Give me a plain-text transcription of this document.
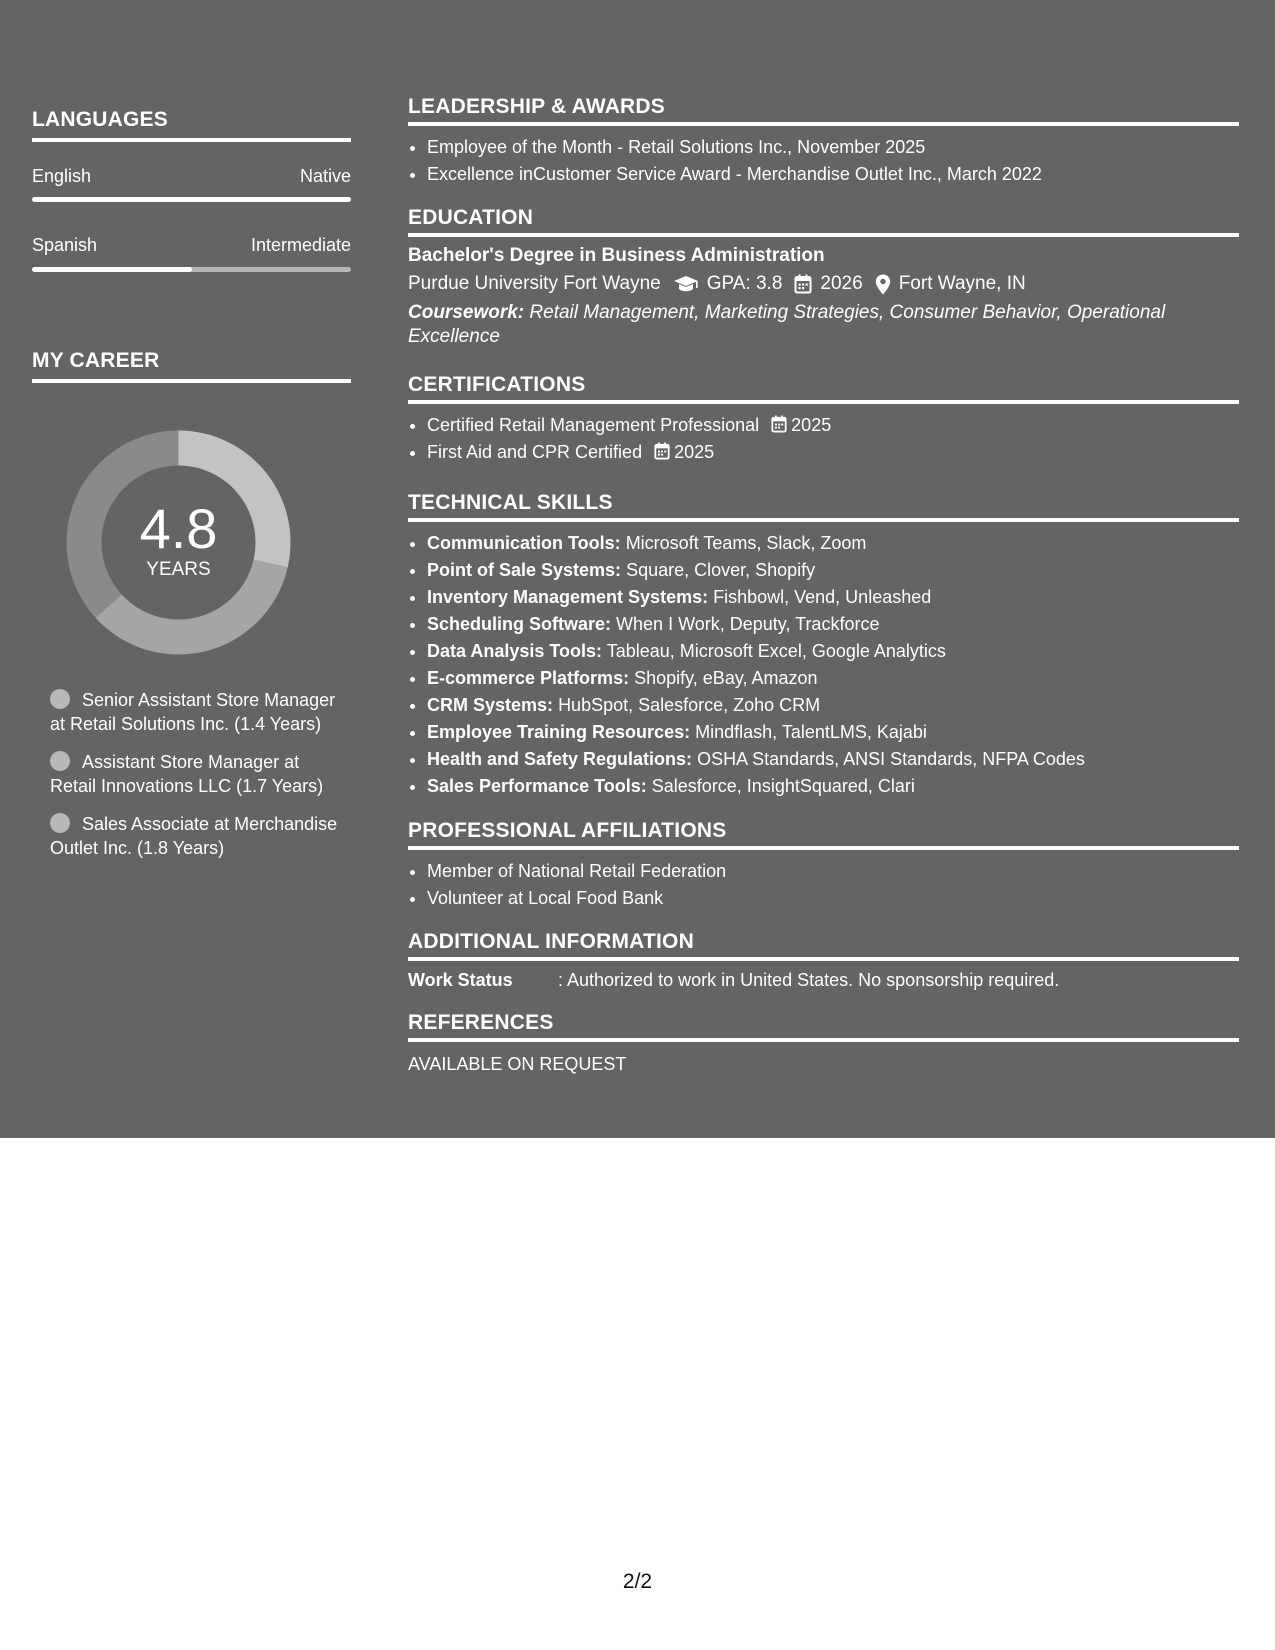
LANGUAGES
English	Native
Spanish	Intermediate
MY CAREER
4.8
YEARS
Senior Assistant Store Manager at Retail Solutions Inc. (1.4 Years)
Assistant Store Manager at Retail Innovations LLC (1.7 Years)
Sales Associate at Merchandise Outlet Inc. (1.8 Years)
LEADERSHIP & AWARDS
• Employee of the Month - Retail Solutions Inc., November 2025
• Excellence inCustomer Service Award - Merchandise Outlet Inc., March 2022
EDUCATION
Bachelor's Degree in Business Administration
Purdue University Fort Wayne GPA: 3.8 2026 Fort Wayne, IN
Coursework: Retail Management, Marketing Strategies, Consumer Behavior, Operational Excellence
CERTIFICATIONS
• Certified Retail Management Professional 2025
• First Aid and CPR Certified 2025
TECHNICAL SKILLS
• Communication Tools: Microsoft Teams, Slack, Zoom
• Point of Sale Systems: Square, Clover, Shopify
• Inventory Management Systems: Fishbowl, Vend, Unleashed
• Scheduling Software: When I Work, Deputy, Trackforce
• Data Analysis Tools: Tableau, Microsoft Excel, Google Analytics
• E-commerce Platforms: Shopify, eBay, Amazon
• CRM Systems: HubSpot, Salesforce, Zoho CRM
• Employee Training Resources: Mindflash, TalentLMS, Kajabi
• Health and Safety Regulations: OSHA Standards, ANSI Standards, NFPA Codes
• Sales Performance Tools: Salesforce, InsightSquared, Clari
PROFESSIONAL AFFILIATIONS
• Member of National Retail Federation
• Volunteer at Local Food Bank
ADDITIONAL INFORMATION
Work Status	: Authorized to work in United States. No sponsorship required.
REFERENCES
AVAILABLE ON REQUEST
2/2
